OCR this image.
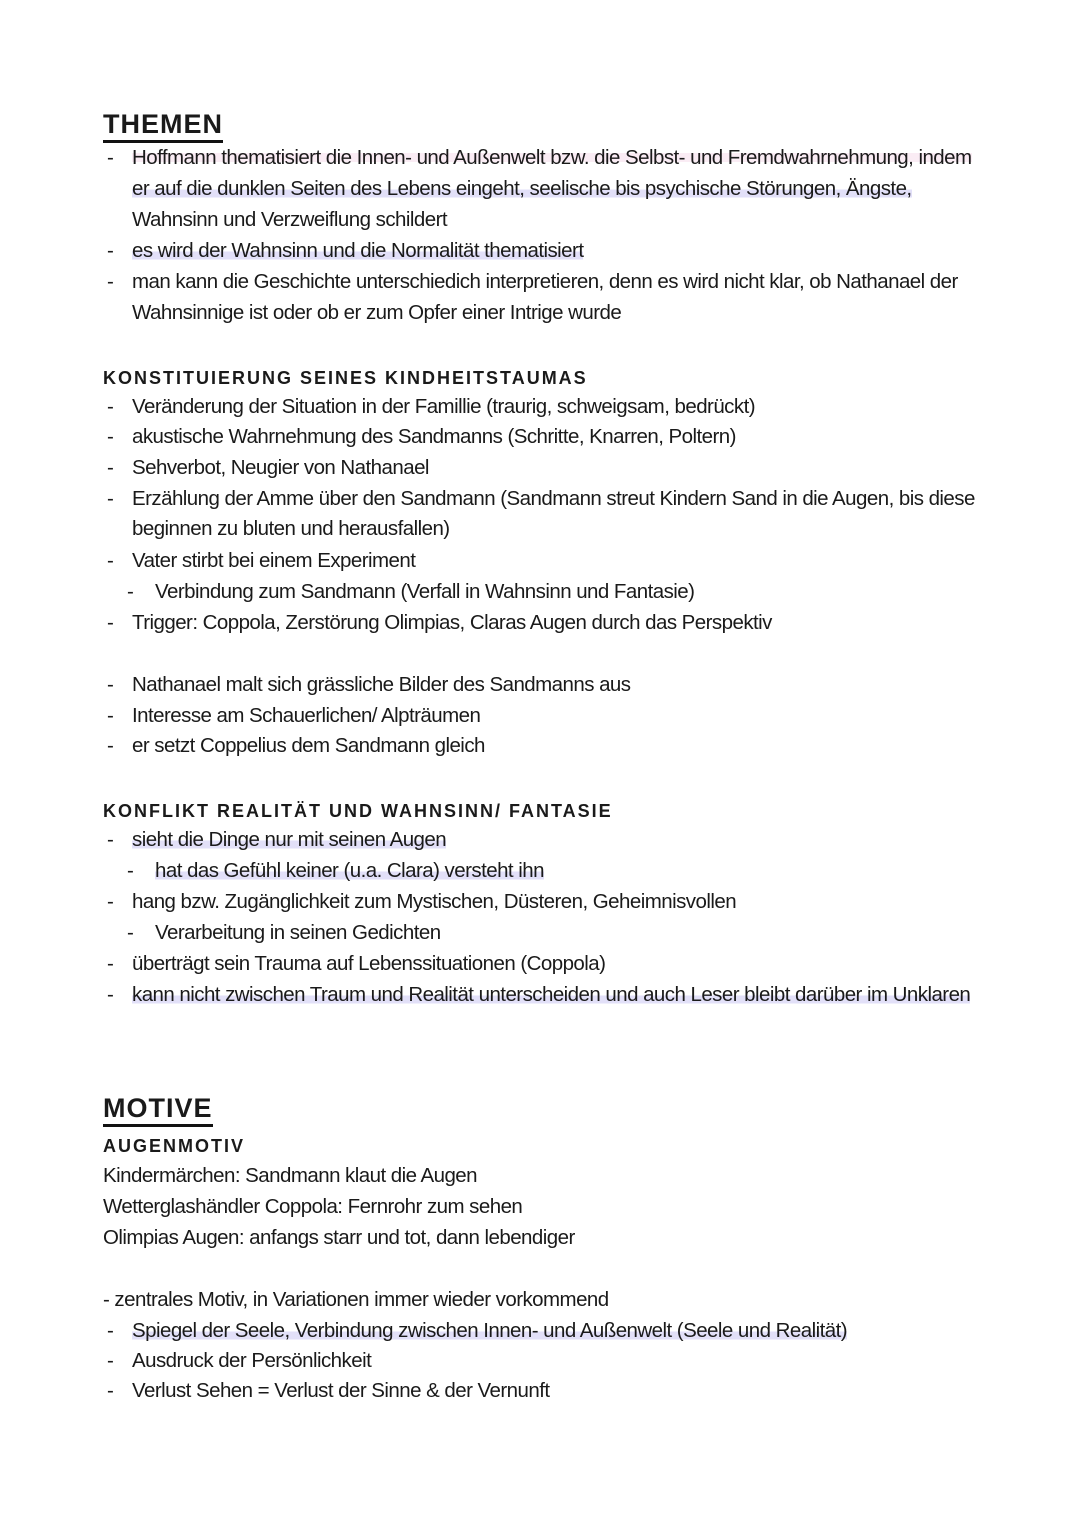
THEMEN
- Hoffmann thematisiert die Innen- und Außenwelt bzw. die Selbst- und Fremdwahrnehmung, indem
er auf die dunklen Seiten des Lebens eingeht, seelische bis psychische Störungen, Ängste,
Wahnsinn und Verzweiflung schildert
- es wird der Wahnsinn und die Normalität thematisiert
- man kann die Geschichte unterschiedich interpretieren, denn es wird nicht klar, ob Nathanael der
Wahnsinnige ist oder ob er zum Opfer einer Intrige wurde
KONSTITUIERUNG SEINES KINDHEITSTAUMAS
- Veränderung der Situation in der Famillie (traurig, schweigsam, bedrückt)
- akustische Wahrnehmung des Sandmanns (Schritte, Knarren, Poltern)
- Sehverbot, Neugier von Nathanael
- Erzählung der Amme über den Sandmann (Sandmann streut Kindern Sand in die Augen, bis diese
beginnen zu bluten und herausfallen)
- Vater stirbt bei einem Experiment
- Verbindung zum Sandmann (Verfall in Wahnsinn und Fantasie)
- Trigger: Coppola, Zerstörung Olimpias, Claras Augen durch das Perspektiv
- Nathanael malt sich grässliche Bilder des Sandmanns aus
- Interesse am Schauerlichen/ Alpträumen
- er setzt Coppelius dem Sandmann gleich
KONFLIKT REALITÄT UND WAHNSINN/ FANTASIE
- sieht die Dinge nur mit seinen Augen
- hat das Gefühl keiner (u.a. Clara) versteht ihn
- hang bzw. Zugänglichkeit zum Mystischen, Düsteren, Geheimnisvollen
- Verarbeitung in seinen Gedichten
- überträgt sein Trauma auf Lebenssituationen (Coppola)
- kann nicht zwischen Traum und Realität unterscheiden und auch Leser bleibt darüber im Unklaren
MOTIVE
AUGENMOTIV
Kindermärchen: Sandmann klaut die Augen
Wetterglashändler Coppola: Fernrohr zum sehen
Olimpias Augen: anfangs starr und tot, dann lebendiger
- zentrales Motiv, in Variationen immer wieder vorkommend
- Spiegel der Seele, Verbindung zwischen Innen- und Außenwelt (Seele und Realität)
- Ausdruck der Persönlichkeit
- Verlust Sehen = Verlust der Sinne & der Vernunft
